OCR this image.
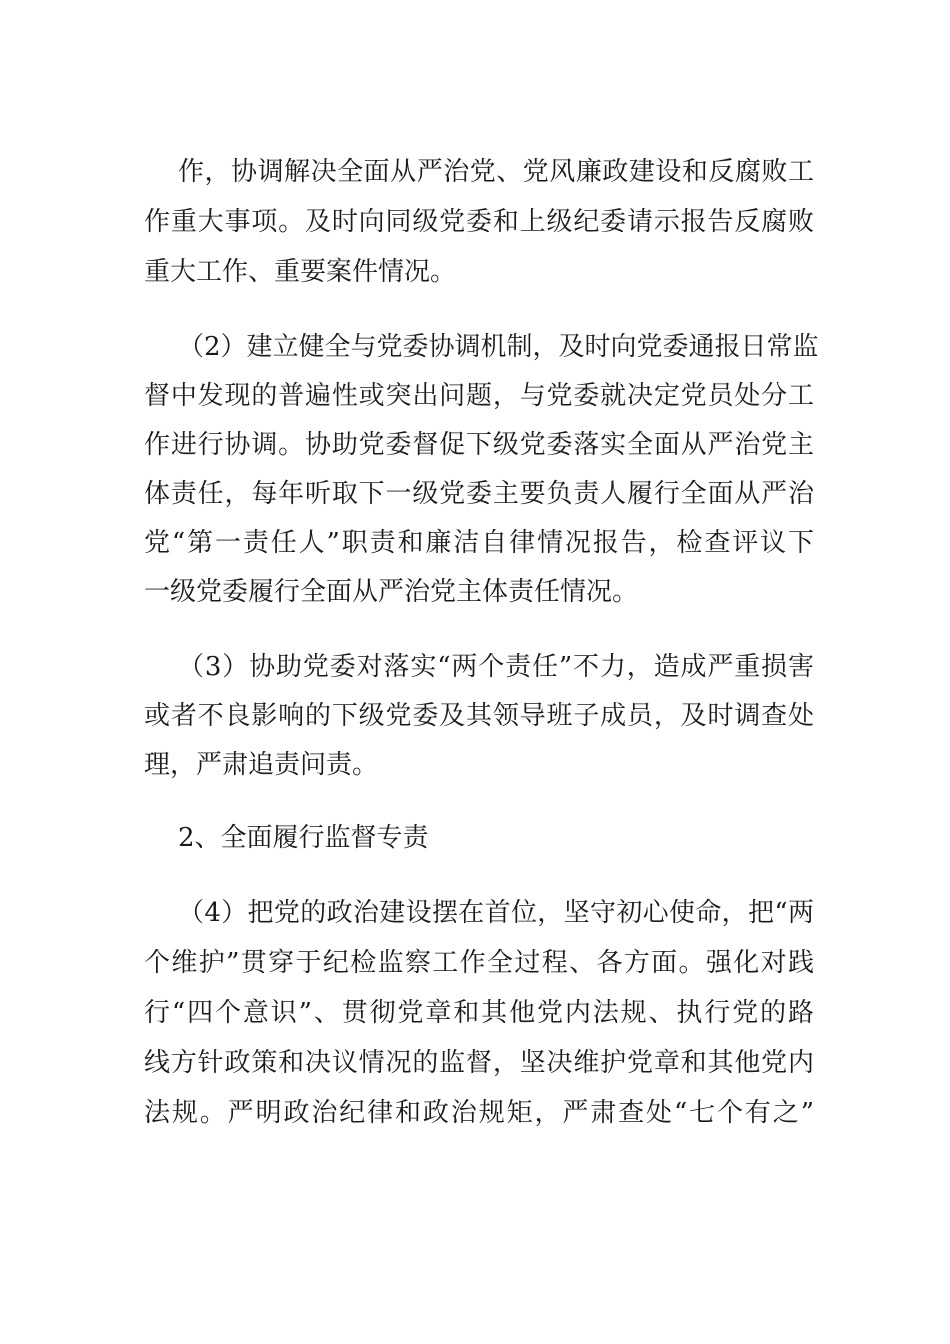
作，协调解决全面从严治党、党风廉政建设和反腐败工
作重大事项。及时向同级党委和上级纪委请示报告反腐败
重大工作、重要案件情况。
（2）建立健全与党委协调机制，及时向党委通报日常监
督中发现的普遍性或突出问题，与党委就决定党员处分工
作进行协调。协助党委督促下级党委落实全面从严治党主
体责任，每年听取下一级党委主要负责人履行全面从严治
党“第一责任人”职责和廉洁自律情况报告，检查评议下
一级党委履行全面从严治党主体责任情况。
（3）协助党委对落实“两个责任”不力，造成严重损害
或者不良影响的下级党委及其领导班子成员，及时调查处
理，严肃追责问责。
2、全面履行监督专责
（4）把党的政治建设摆在首位，坚守初心使命，把“两
个维护”贯穿于纪检监察工作全过程、各方面。强化对践
行“四个意识”、贯彻党章和其他党内法规、执行党的路
线方针政策和决议情况的监督，坚决维护党章和其他党内
法规。严明政治纪律和政治规矩，严肃查处“七个有之”
